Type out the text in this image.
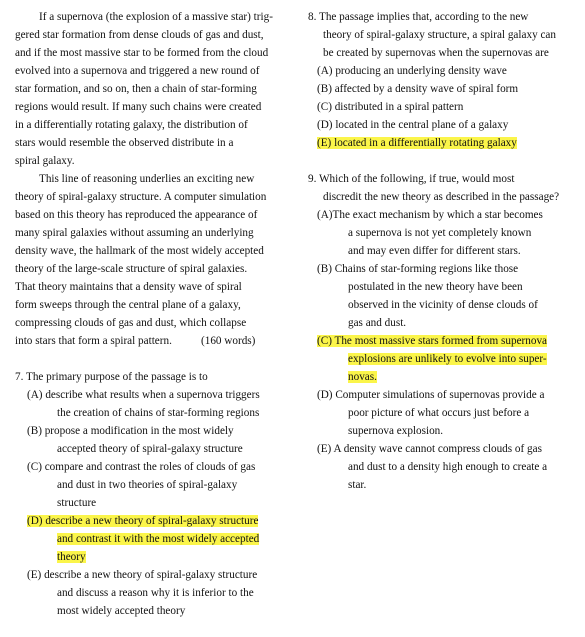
If a supernova (the explosion of a massive star) trig-
gered star formation from dense clouds of gas and dust,
and if the most massive star to be formed from the cloud
evolved into a supernova and triggered a new round of
star formation, and so on, then a chain of star-forming
regions would result. If many such chains were created
in a differentially rotating galaxy, the distribution of
stars would resemble the observed distribute in a
spiral galaxy.
This line of reasoning underlies an exciting new
theory of spiral-galaxy structure. A computer simulation
based on this theory has reproduced the appearance of
many spiral galaxies without assuming an underlying
density wave, the hallmark of the most widely accepted
theory of the large-scale structure of spiral galaxies.
That theory maintains that a density wave of spiral
form sweeps through the central plane of a galaxy,
compressing clouds of gas and dust, which collapse
into stars that form a spiral pattern.	(160 words)
7. The primary purpose of the passage is to
(A) describe what results when a supernova triggers
the creation of chains of star-forming regions
(B) propose a modification in the most widely
accepted theory of spiral-galaxy structure
(C) compare and contrast the roles of clouds of gas
and dust in two theories of spiral-galaxy
structure
(D) describe a new theory of spiral-galaxy structure
and contrast it with the most widely accepted
theory
(E) describe a new theory of spiral-galaxy structure
and discuss a reason why it is inferior to the
most widely accepted theory
8. The passage implies that, according to the new
theory of spiral-galaxy structure, a spiral galaxy can
be created by supernovas when the supernovas are
(A) producing an underlying density wave
(B) affected by a density wave of spiral form
(C) distributed in a spiral pattern
(D) located in the central plane of a galaxy
(E) located in a differentially rotating galaxy
9. Which of the following, if true, would most
discredit the new theory as described in the passage?
(A)The exact mechanism by which a star becomes
a supernova is not yet completely known
and may even differ for different stars.
(B) Chains of star-forming regions like those
postulated in the new theory have been
observed in the vicinity of dense clouds of
gas and dust.
(C) The most massive stars formed from supernova
explosions are unlikely to evolve into super-
novas.
(D) Computer simulations of supernovas provide a
poor picture of what occurs just before a
supernova explosion.
(E) A density wave cannot compress clouds of gas
and dust to a density high enough to create a
star.
